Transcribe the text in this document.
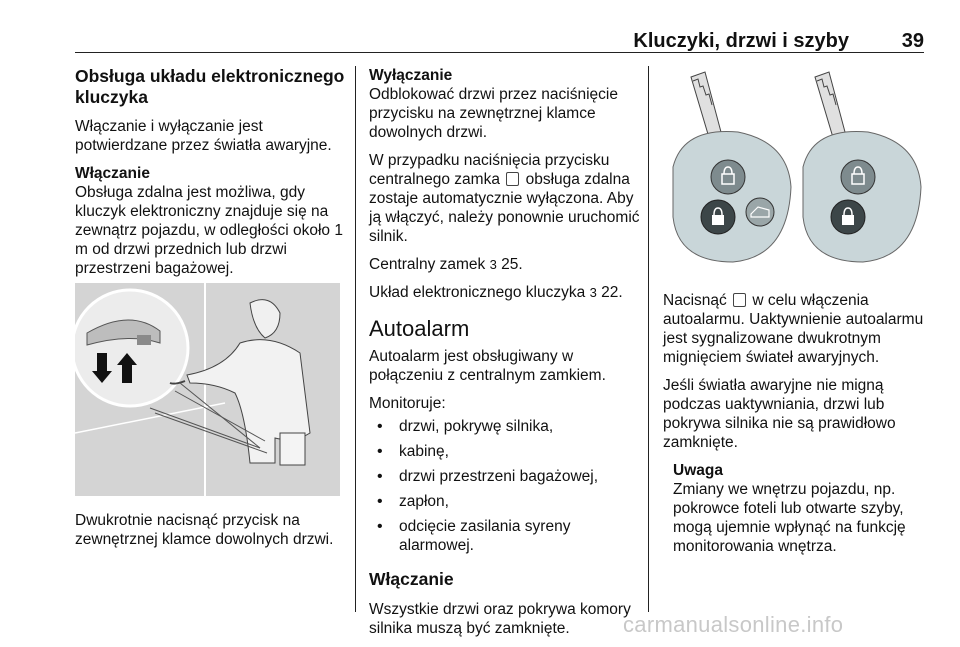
Kluczyki, drzwi i szyby	39
Obsługa układu elektronicznego kluczyka

Włączanie i wyłączanie jest potwierdzane przez światła awaryjne.

Włączanie

Obsługa zdalna jest możliwa, gdy kluczyk elektroniczny znajduje się na zewnątrz pojazdu, w odległości około 1 m od drzwi przednich lub drzwi przestrzeni bagażowej.

Dwukrotnie nacisnąć przycisk na zewnętrznej klamce dowolnych drzwi.

Wyłączanie

Odblokować drzwi przez naciśnięcie przycisku na zewnętrznej klamce dowolnych drzwi.

W przypadku naciśnięcia przycisku centralnego zamka obsługa zdalna zostaje automatycznie wyłączona. Aby ją włączyć, należy ponownie uruchomić silnik.

Centralny zamek 3 25.

Układ elektronicznego kluczyka 3 22.

Autoalarm

Autoalarm jest obsługiwany w połączeniu z centralnym zamkiem.

Monitoruje:

• drzwi, pokrywę silnika,
• kabinę,
• drzwi przestrzeni bagażowej,
• zapłon,
• odcięcie zasilania syreny alarmowej.
Włączanie

Wszystkie drzwi oraz pokrywa komory silnika muszą być zamknięte.

Nacisnąć w celu włączenia autoalarmu. Uaktywnienie autoalarmu jest sygnalizowane dwukrotnym mignięciem świateł awaryjnych.

Jeśli światła awaryjne nie migną podczas uaktywniania, drzwi lub pokrywa silnika nie są prawidłowo zamknięte.

Uwaga
Zmiany we wnętrzu pojazdu, np. pokrowce foteli lub otwarte szyby, mogą ujemnie wpłynąć na funkcję monitorowania wnętrza.
carmanualsonline.info
